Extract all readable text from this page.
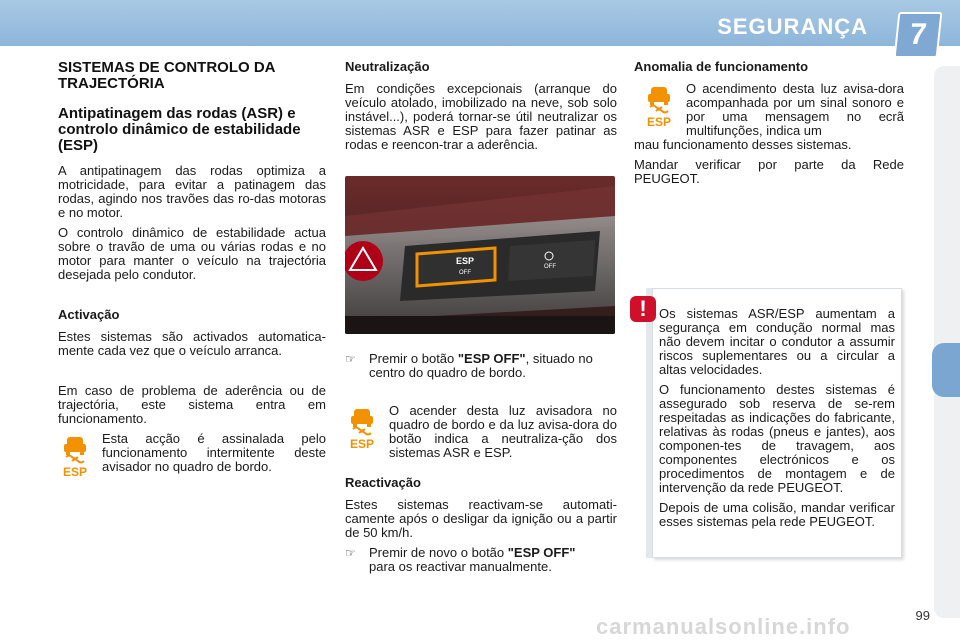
SEGURANÇA	7
SISTEMAS DE CONTROLO DA TRAJECTÓRIA
Antipatinagem das rodas (ASR) e controlo dinâmico de estabilidade (ESP)

A antipatinagem das rodas optimiza a motricidade, para evitar a patinagem das rodas, agindo nos travões das ro-das motoras e no motor.

O controlo dinâmico de estabilidade actua sobre o travão de uma ou várias rodas e no motor para manter o veículo na trajectória desejada pelo condutor.

Activação

Estes sistemas são activados automatica-mente cada vez que o veículo arranca.

Em caso de problema de aderência ou de trajectória, este sistema entra em funcionamento.

ESP
Esta acção é assinalada pelo funcionamento intermitente deste avisador no quadro de bordo.
Neutralização

Em condições excepcionais (arranque do veículo atolado, imobilizado na neve, sob solo instável...), poderá tornar-se útil neutralizar os sistemas ASR e ESP para fazer patinar as rodas e reencon-trar a aderência.

ESP
OFF
OFF
☞ Premir o botão "ESP OFF", situado no centro do quadro de bordo.
ESP
O acender desta luz avisadora no quadro de bordo e da luz avisa-dora do botão indica a neutraliza-ção dos sistemas ASR e ESP.
Reactivação

Estes sistemas reactivam-se automati-camente após o desligar da ignição ou a partir de 50 km/h.

☞ Premir de novo o botão "ESP OFF"
para os reactivar manualmente.
Anomalia de funcionamento
ESP
O acendimento desta luz avisa-dora acompanhada por um sinal sonoro e por uma mensagem no ecrã multifunções, indica um

mau funcionamento desses sistemas.

Mandar verificar por parte da Rede PEUGEOT.

Os sistemas ASR/ESP aumentam a segurança em condução normal mas não devem incitar o condutor a assumir riscos suplementares ou a circular a altas velocidades.

O funcionamento destes sistemas é assegurado sob reserva de se-rem respeitadas as indicações do fabricante, relativas às rodas (pneus e jantes), aos componen-tes de travagem, aos componentes electrónicos e os procedimentos de montagem e de intervenção da rede PEUGEOT.

Depois de uma colisão, mandar verificar esses sistemas pela rede PEUGEOT.

!
carmanualsonline.info	99
